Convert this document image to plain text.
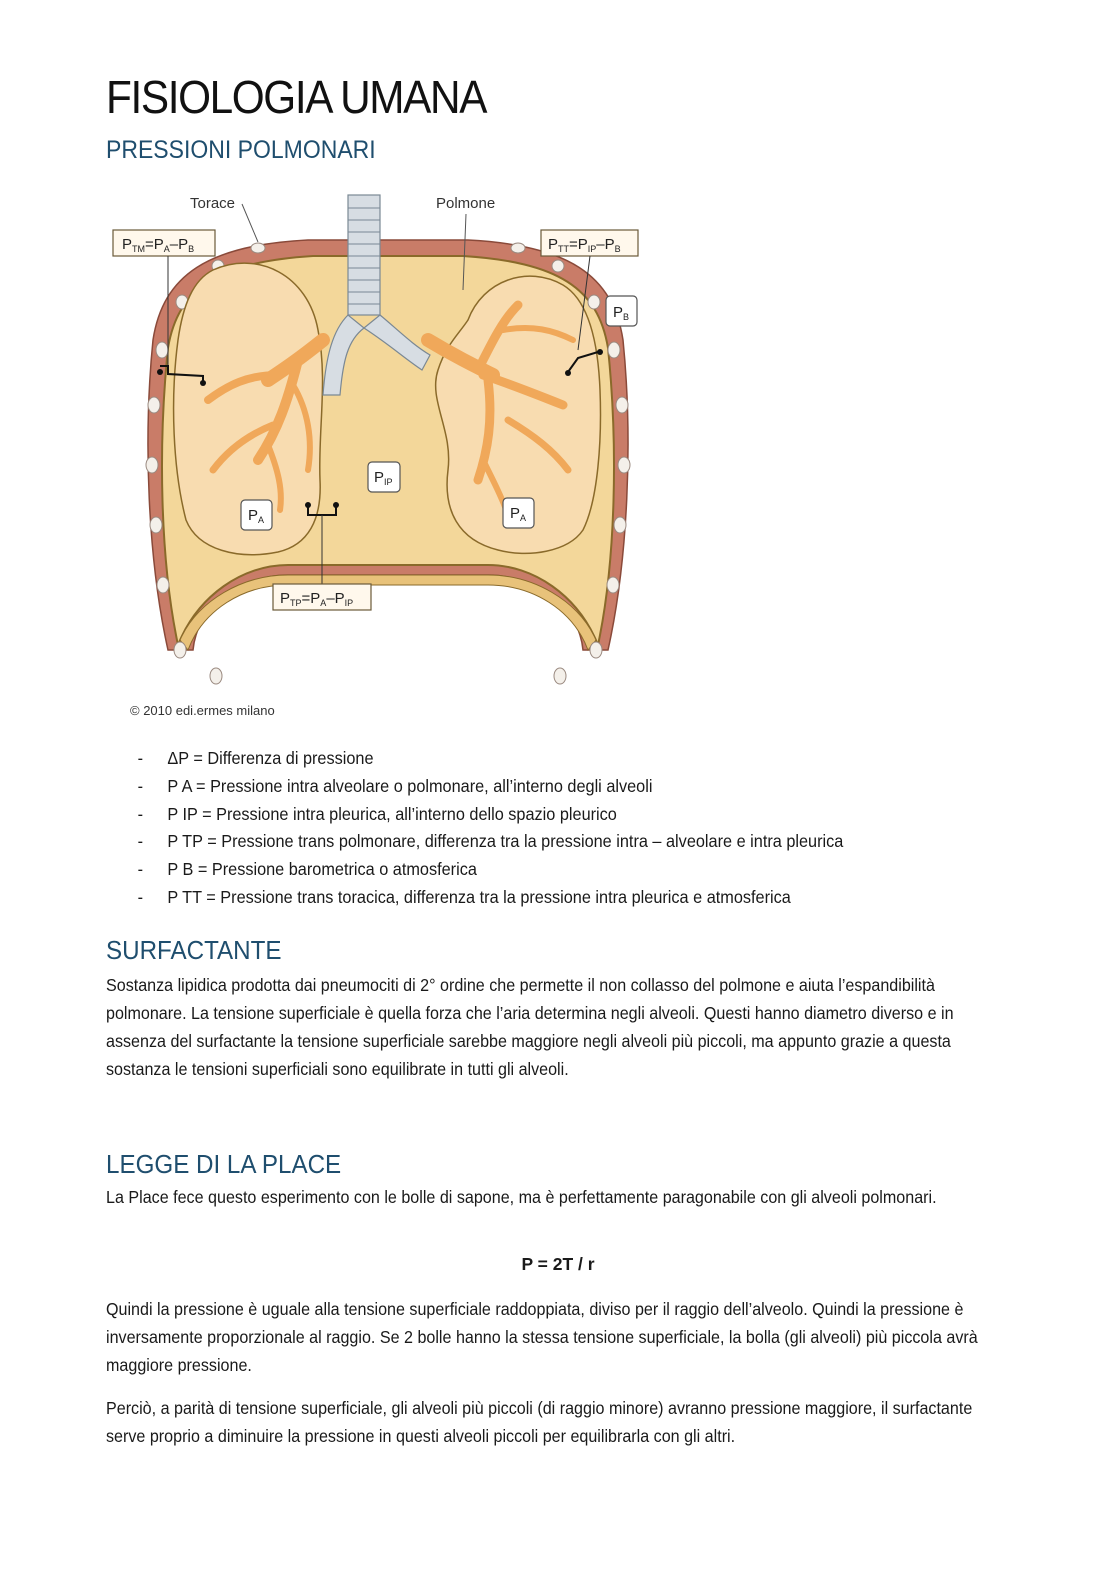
FISIOLOGIA UMANA
PRESSIONI POLMONARI
Torace	Polmone
$P_{TM}=P_A-P_B$	$P_{TT}=P_{IP}-P_B$
$P_B$
$P_{IP}$
$P_A$	$P_A$
$P_{TP}=P_A-P_{IP}$
© 2010 edi.ermes milano
- ΔP = Differenza di pressione
- P A = Pressione intra alveolare o polmonare, all’interno degli alveoli
- P IP = Pressione intra pleurica, all’interno dello spazio pleurico
- P TP = Pressione trans polmonare, differenza tra la pressione intra – alveolare e intra pleurica
- P B = Pressione barometrica o atmosferica
- P TT = Pressione trans toracica, differenza tra la pressione intra pleurica e atmosferica
SURFACTANTE

Sostanza lipidica prodotta dai pneumociti di 2° ordine che permette il non collasso del polmone e aiuta l’espandibilità polmonare. La tensione superficiale è quella forza che l’aria determina negli alveoli. Questi hanno diametro diverso e in assenza del surfactante la tensione superficiale sarebbe maggiore negli alveoli più piccoli, ma appunto grazie a questa sostanza le tensioni superficiali sono equilibrate in tutti gli alveoli.

LEGGE DI LA PLACE

La Place fece questo esperimento con le bolle di sapone, ma è perfettamente paragonabile con gli alveoli polmonari.

P = 2T / r

Quindi la pressione è uguale alla tensione superficiale raddoppiata, diviso per il raggio dell’alveolo. Quindi la pressione è inversamente proporzionale al raggio. Se 2 bolle hanno la stessa tensione superficiale, la bolla (gli alveoli) più piccola avrà maggiore pressione.

Perciò, a parità di tensione superficiale, gli alveoli più piccoli (di raggio minore) avranno pressione maggiore, il surfactante serve proprio a diminuire la pressione in questi alveoli piccoli per equilibrarla con gli altri.
